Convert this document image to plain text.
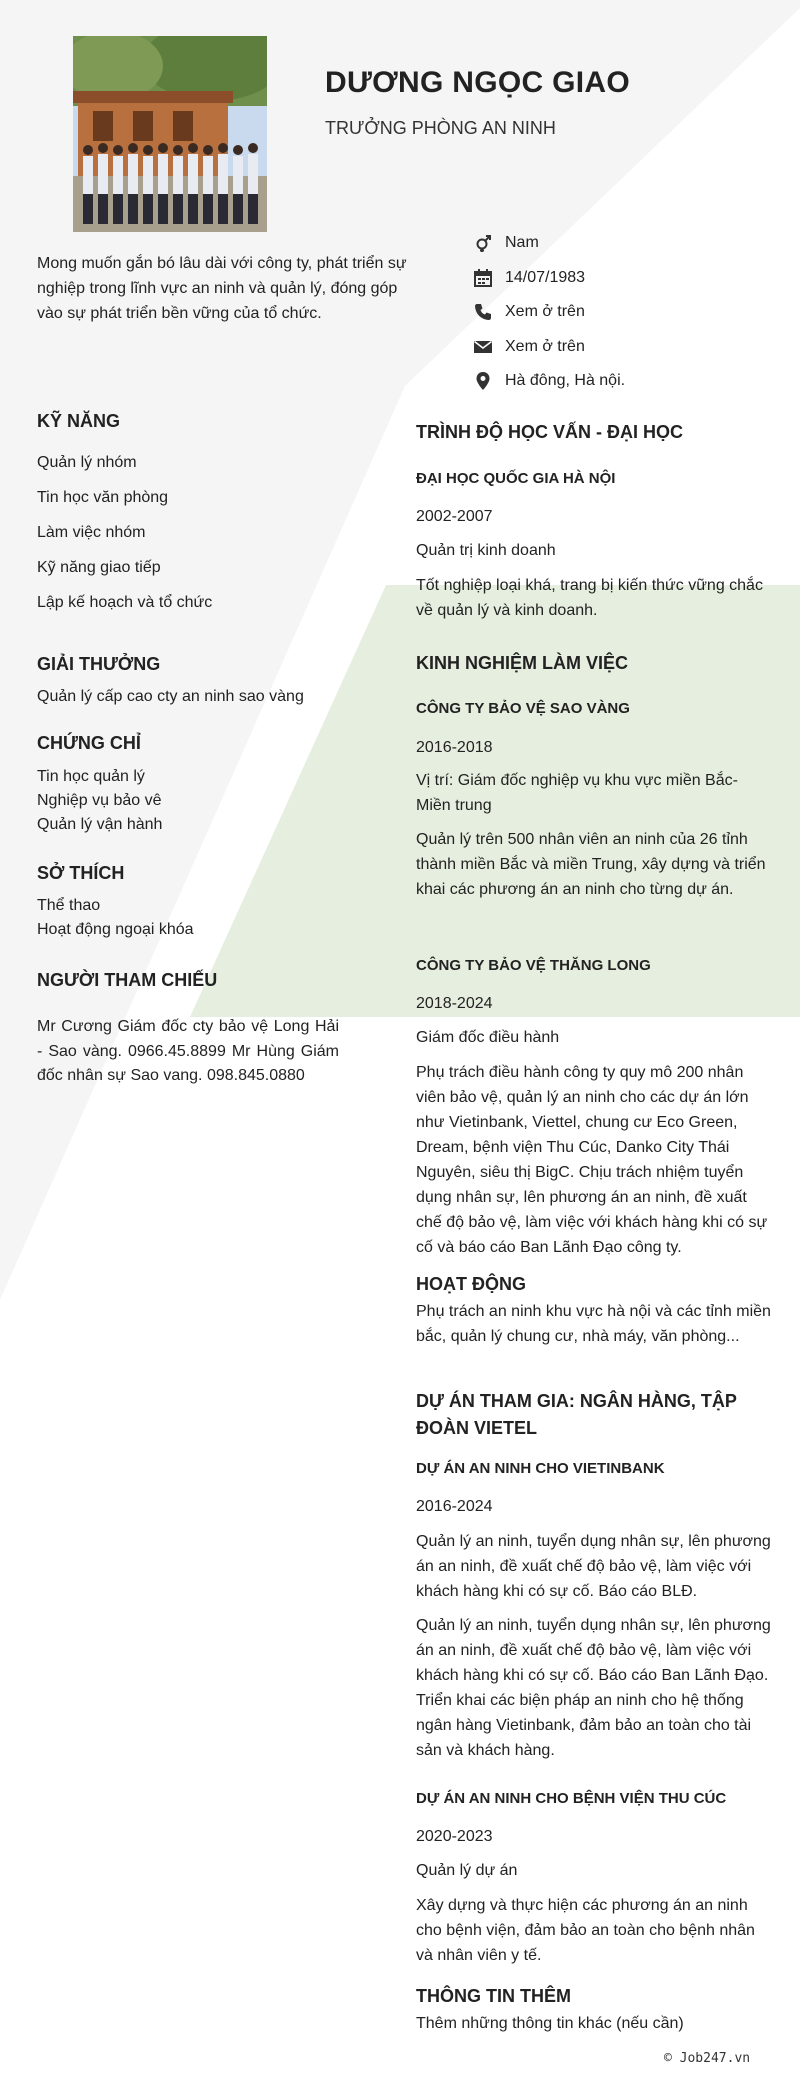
DƯƠNG NGỌC GIAO
TRƯỞNG PHÒNG AN NINH
Mong muốn gắn bó lâu dài với công ty, phát triển sự nghiệp trong lĩnh vực an ninh và quản lý, đóng góp vào sự phát triển bền vững của tổ chức.
Nam
14/07/1983
Xem ở trên
Xem ở trên
Hà đông, Hà nội.
KỸ NĂNG
Quản lý nhóm
Tin học văn phòng
Làm việc nhóm
Kỹ năng giao tiếp
Lập kế hoạch và tổ chức
GIẢI THƯỞNG
Quản lý cấp cao cty an ninh sao vàng
CHỨNG CHỈ
Tin học quản lý
Nghiệp vụ bảo vê
Quản lý vận hành
SỞ THÍCH
Thể thao
Hoạt động ngoại khóa
NGƯỜI THAM CHIẾU
Mr Cương Giám đốc cty bảo vệ Long Hải - Sao vàng. 0966.45.8899 Mr Hùng Giám đốc nhân sự Sao vang. 098.845.0880
TRÌNH ĐỘ HỌC VẤN - ĐẠI HỌC
ĐẠI HỌC QUỐC GIA HÀ NỘI
2002-2007
Quản trị kinh doanh
Tốt nghiệp loại khá, trang bị kiến thức vững chắc về quản lý và kinh doanh.
KINH NGHIỆM LÀM VIỆC
CÔNG TY BẢO VỆ SAO VÀNG
2016-2018
Vị trí: Giám đốc nghiệp vụ khu vực miền Bắc- Miền trung
Quản lý trên 500 nhân viên an ninh của 26 tỉnh thành miền Bắc và miền Trung, xây dựng và triển khai các phương án an ninh cho từng dự án.
CÔNG TY BẢO VỆ THĂNG LONG
2018-2024
Giám đốc điều hành
Phụ trách điều hành công ty quy mô 200 nhân viên bảo vệ, quản lý an ninh cho các dự án lớn như Vietinbank, Viettel, chung cư Eco Green, Dream, bệnh viện Thu Cúc, Danko City Thái Nguyên, siêu thị BigC. Chịu trách nhiệm tuyển dụng nhân sự, lên phương án an ninh, đề xuất chế độ bảo vệ, làm việc với khách hàng khi có sự cố và báo cáo Ban Lãnh Đạo công ty.
HOẠT ĐỘNG
Phụ trách an ninh khu vực hà nội và các tỉnh miền bắc, quản lý chung cư, nhà máy, văn phòng...
DỰ ÁN THAM GIA: NGÂN HÀNG, TẬP ĐOÀN VIETEL
DỰ ÁN AN NINH CHO VIETINBANK
2016-2024
Quản lý an ninh, tuyển dụng nhân sự, lên phương án an ninh, đề xuất chế độ bảo vệ, làm việc với khách hàng khi có sự cố. Báo cáo BLĐ.
Quản lý an ninh, tuyển dụng nhân sự, lên phương án an ninh, đề xuất chế độ bảo vệ, làm việc với khách hàng khi có sự cố. Báo cáo Ban Lãnh Đạo. Triển khai các biện pháp an ninh cho hệ thống ngân hàng Vietinbank, đảm bảo an toàn cho tài sản và khách hàng.
DỰ ÁN AN NINH CHO BỆNH VIỆN THU CÚC
2020-2023
Quản lý dự án
Xây dựng và thực hiện các phương án an ninh cho bệnh viện, đảm bảo an toàn cho bệnh nhân và nhân viên y tế.
THÔNG TIN THÊM
Thêm những thông tin khác (nếu cần)
© Job247.vn
